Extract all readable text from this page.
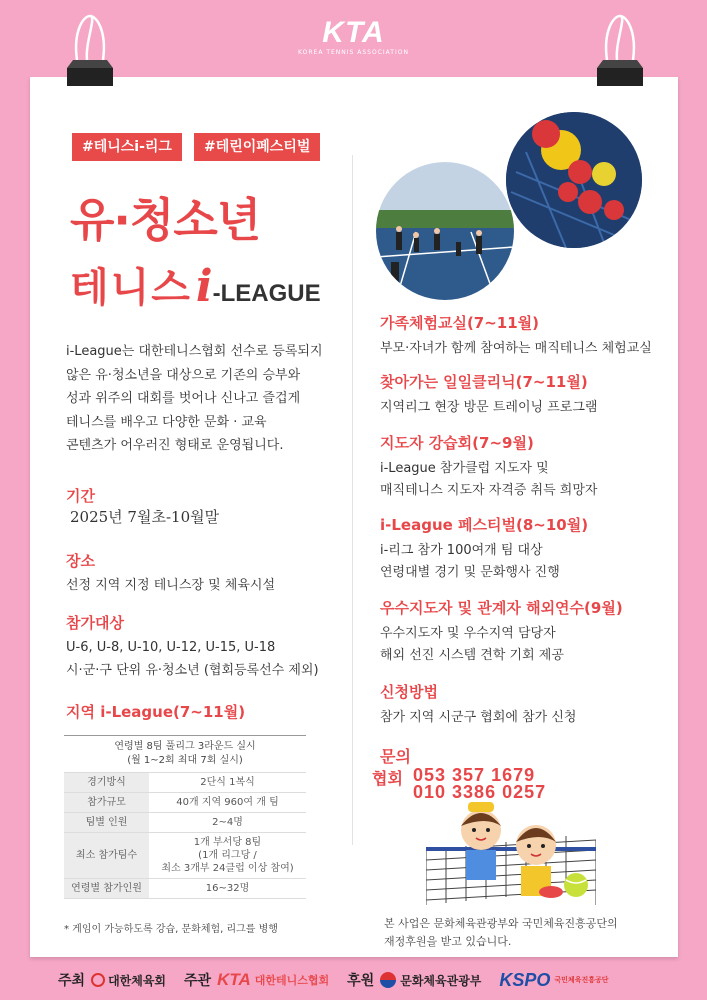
KTA
KOREA TENNIS ASSOCIATION
#테니스i-리그	#테린이페스티벌
유·청소년
테니스i-LEAGUE

i-League는 대한테니스협회 선수로 등록되지

않은 유·청소년을 대상으로 기존의 승부와

성과 위주의 대회를 벗어나 신나고 즐겁게

테니스를 배우고 다양한 문화 · 교육

콘텐츠가 어우러진 형태로 운영됩니다.

기간
2025년 7월초-10월말
장소
선정 지역 지정 테니스장 및 체육시설
참가대상
U-6, U-8, U-10, U-12, U-15, U-18
시·군·구 단위 유·청소년 (협회등록선수 제외)
지역 i-League(7~11월)
연령별 8팀 풀리그 3라운드 실시
(월 1~2회 최대 7회 실시)
경기방식	2단식 1복식
참가규모	40개 지역 960여 개 팀
팀별 인원	2~4명
최소 참가팀수	1개 부서당 8팀
(1개 리그당 /
최소 3개부 24클럽 이상 참여)

연령별 참가인원	16~32명
* 게임이 가능하도록 강습, 문화체험, 리그를 병행
가족체험교실(7~11월)
부모·자녀가 함께 참여하는 매직테니스 체험교실
찾아가는 일일클리닉(7~11월)
지역리그 현장 방문 트레이닝 프로그램
지도자 강습회(7~9월)
i-League 참가클럽 지도자 및
매직테니스 지도자 자격증 취득 희망자
i-League 페스티벌(8~10월)
i-리그 참가 100여개 팀 대상
연령대별 경기 및 문화행사 진행
우수지도자 및 관계자 해외연수(9월)
우수지도자 및 우수지역 담당자
해외 선진 시스템 견학 기회 제공
신청방법
참가 지역 시군구 협회에 참가 신청
문의
협회 053 357 1679
010 3386 0257
본 사업은 문화체육관광부와 국민체육진흥공단의
재정후원을 받고 있습니다.
주최 대한체육회 주관 KTA 대한테니스협회 후원 문화체육관광부 KSPO 국민체육진흥공단
